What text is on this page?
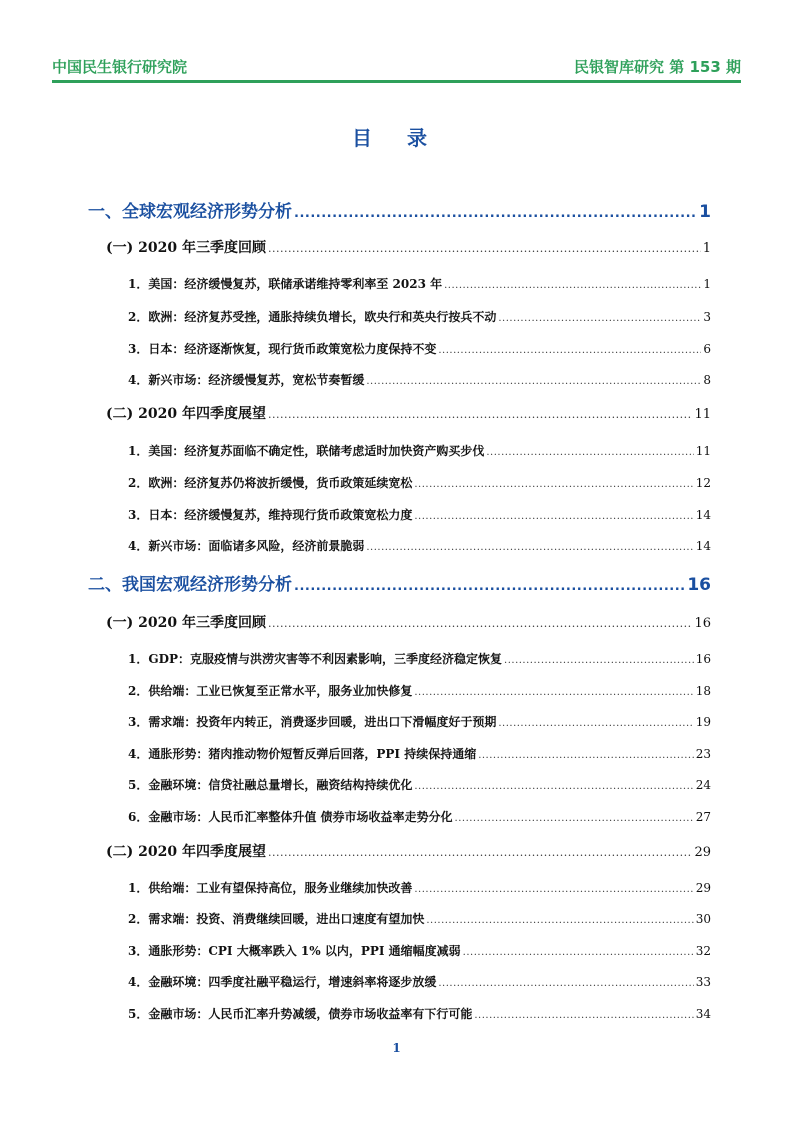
中国民生银行研究院	民银智库研究 第 153 期
目 录
一、全球宏观经济形势分析 .....	1
(一) 2020 年三季度回顾 .....	1
1．美国：经济缓慢复苏，联储承诺维持零利率至 2023 年 .....	1
2．欧洲：经济复苏受挫，通胀持续负增长，欧央行和英央行按兵不动 .....	3
3．日本：经济逐渐恢复，现行货币政策宽松力度保持不变 .....	6
4．新兴市场：经济缓慢复苏，宽松节奏暂缓 .....	8
(二) 2020 年四季度展望 .....	11
1．美国：经济复苏面临不确定性，联储考虑适时加快资产购买步伐 .....	11
2．欧洲：经济复苏仍将波折缓慢，货币政策延续宽松 .....	12
3．日本：经济缓慢复苏，维持现行货币政策宽松力度 .....	14
4．新兴市场：面临诸多风险，经济前景脆弱 .....	14
二、我国宏观经济形势分析 .....	16
(一) 2020 年三季度回顾 .....	16
1．GDP：克服疫情与洪涝灾害等不利因素影响，三季度经济稳定恢复 .....	16
2．供给端：工业已恢复至正常水平，服务业加快修复 .....	18
3．需求端：投资年内转正，消费逐步回暖，进出口下滑幅度好于预期 .....	19
4．通胀形势：猪肉推动物价短暂反弹后回落，PPI 持续保持通缩 .....	23
5．金融环境：信贷社融总量增长，融资结构持续优化 .....	24
6．金融市场：人民币汇率整体升值 债券市场收益率走势分化 .....	27
(二) 2020 年四季度展望 .....	29
1．供给端：工业有望保持高位，服务业继续加快改善 .....	29
2．需求端：投资、消费继续回暖，进出口速度有望加快 .....	30
3．通胀形势：CPI 大概率跌入 1% 以内，PPI 通缩幅度减弱 .....	32
4．金融环境：四季度社融平稳运行，增速斜率将逐步放缓 .....	33
5．金融市场：人民币汇率升势减缓，债券市场收益率有下行可能 .....	34
1
